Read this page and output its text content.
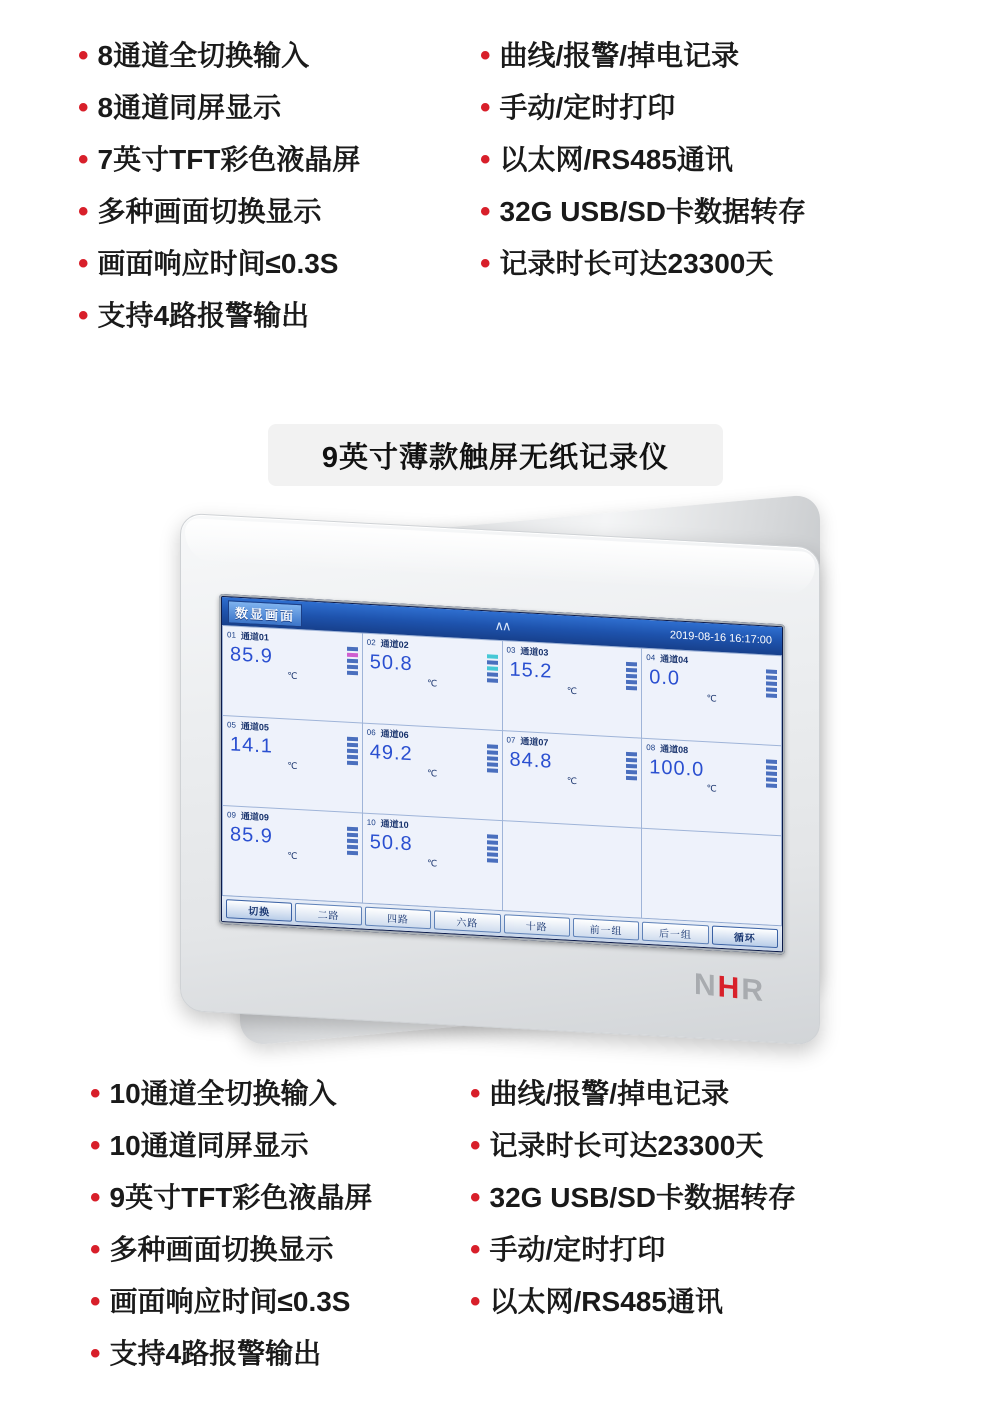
• 8通道全切换输入
• 8通道同屏显示
• 7英寸TFT彩色液晶屏
• 多种画面切换显示
• 画面响应时间≤0.3S
• 支持4路报警输出
• 曲线/报警/掉电记录
• 手动/定时打印
• 以太网/RS485通讯
• 32G USB/SD卡数据转存
• 记录时长可达23300天
9英寸薄款触屏无纸记录仪
数显画面
∧∧
2019-08-16 16:17:00
01 通道01
85.9
℃
02 通道02
50.8
℃
03 通道03
15.2
℃
04 通道04
0.0
℃
05 通道05
14.1
℃
06 通道06
49.2
℃
07 通道07
84.8
℃
08 通道08
100.0
℃
09 通道09
85.9
℃
10 通道10
50.8
℃
切换	二路	四路	六路	十路	前一组	后一组	循环
NHR
• 10通道全切换输入
• 10通道同屏显示
• 9英寸TFT彩色液晶屏
• 多种画面切换显示
• 画面响应时间≤0.3S
• 支持4路报警输出
• 曲线/报警/掉电记录
• 记录时长可达23300天
• 32G USB/SD卡数据转存
• 手动/定时打印
• 以太网/RS485通讯
